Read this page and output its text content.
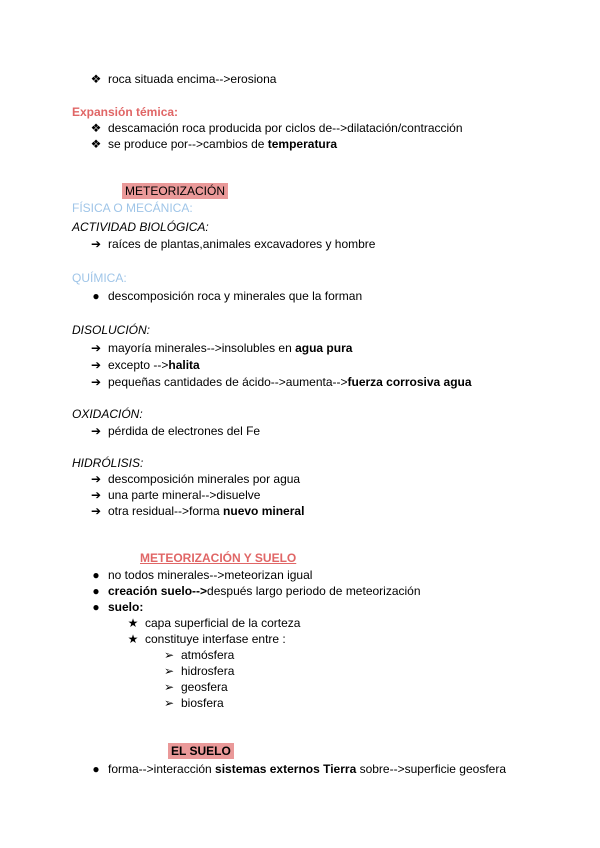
❖ roca situada encima-->erosiona
Expansión témica:
❖ descamación roca producida por ciclos de-->dilatación/contracción
❖ se produce por-->cambios de temperatura
METEORIZACIÓN
FÍSICA O MECÁNICA:
ACTIVIDAD BIOLÓGICA:
➔ raíces de plantas,animales excavadores y hombre
QUÍMICA:
● descomposición roca y minerales que la forman
DISOLUCIÓN:
➔ mayoría minerales-->insolubles en agua pura
➔ excepto -->halita
➔ pequeñas cantidades de ácido-->aumenta-->fuerza corrosiva agua
OXIDACIÓN:
➔ pérdida de electrones del Fe
HIDRÓLISIS:
➔ descomposición minerales por agua
➔ una parte mineral-->disuelve
➔ otra residual-->forma nuevo mineral
METEORIZACIÓN Y SUELO
● no todos minerales-->meteorizan igual
● creación suelo-->después largo periodo de meteorización
● suelo:
★ capa superficial de la corteza
★ constituye interfase entre :
➢ atmósfera
➢ hidrosfera
➢ geosfera
➢ biosfera
EL SUELO
● forma-->interacción sistemas externos Tierra sobre-->superficie geosfera
